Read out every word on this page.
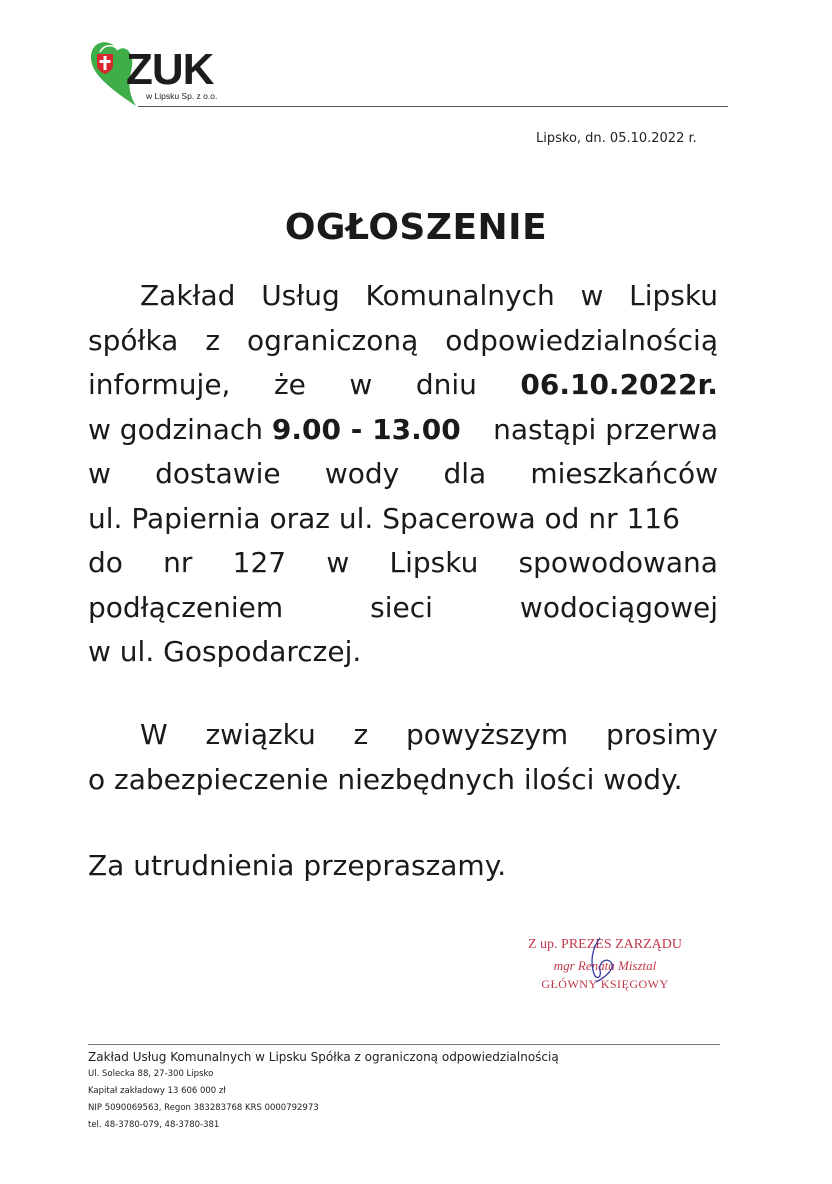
ZUK
w Lipsku Sp. z o.o.
Lipsko, dn. 05.10.2022 r.
OGŁOSZENIE
Zakład Usług Komunalnych w Lipsku
spółka z ograniczoną odpowiedzialnością
informuje, że w dniu 06.10.2022r.
w godzinach 9.00 - 13.00 nastąpi przerwa
w dostawie wody dla mieszkańców
ul. Papiernia oraz ul. Spacerowa od nr 116
do nr 127 w Lipsku spowodowana
podłączeniem	sieci	wodociągowej
w ul. Gospodarczej.
W związku z powyższym prosimy
o zabezpieczenie niezbędnych ilości wody.
Za utrudnienia przepraszamy.
Z up. PREZES ZARZĄDU
mgr Renata Misztal
GŁÓWNY KSIĘGOWY
Zakład Usług Komunalnych w Lipsku Spółka z ograniczoną odpowiedzialnością
Ul. Solecka 88, 27-300 Lipsko
Kapitał zakładowy 13 606 000 zł
NIP 5090069563, Regon 383283768 KRS 0000792973
tel. 48-3780-079, 48-3780-381
